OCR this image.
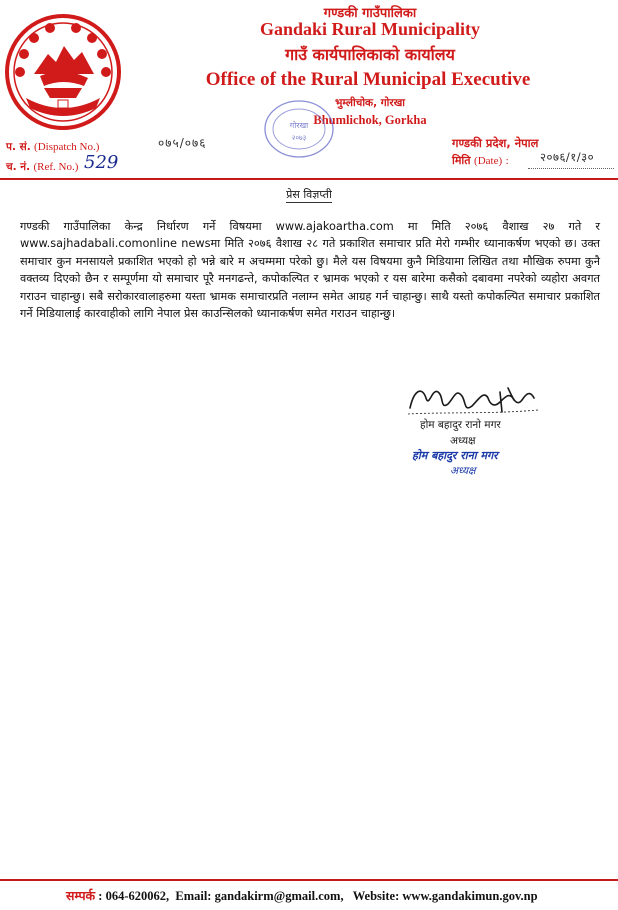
गण्डकी गाउँपालिका
Gandaki Rural Municipality
गाउँ कार्यपालिकाको कार्यालय
Office of the Rural Municipal Executive
भुम्लीचोक, गोरखा
Bhumlichok, Gorkha
गोरखा
२०७३
प. सं. (Dispatch No.)	०७५/०७६
च. नं. (Ref. No.) 529
गण्डकी प्रदेश, नेपाल
मिति (Date) :	२०७६/१/३०
प्रेस विज्ञप्ती
गण्डकी गाउँपालिका केन्द्र निर्धारण गर्ने विषयमा www.ajakoartha.com मा मिति २०७६ वैशाख २७ गते र www.sajhadabali.comonline newsमा मिति २०७६ वैशाख २८ गते प्रकाशित समाचार प्रति मेरो गम्भीर ध्यानाकर्षण भएको छ। उक्त समाचार कुन मनसायले प्रकाशित भएको हो भन्ने बारे म अचम्ममा परेको छु। मैले यस विषयमा कुनै मिडियामा लिखित तथा मौखिक रुपमा कुनै वक्तव्य दिएको छैन र सम्पूर्णमा यो समाचार पूरै मनगढन्ते, कपोकल्पित र भ्रामक भएको र यस बारेमा कसैको दबावमा नपरेको व्यहोरा अवगत गराउन चाहान्छु। सबै सरोकारवालाहरुमा यस्ता भ्रामक समाचारप्रति नलाग्न समेत आग्रह गर्न चाहान्छु। साथै यस्तो कपोकल्पित समाचार प्रकाशित गर्ने मिडियालाई कारवाहीको लागि नेपाल प्रेस काउन्सिलको ध्यानाकर्षण समेत गराउन चाहान्छु।
होम बहादुर रानो मगर
अध्यक्ष
होम बहादुर राना मगर
अध्यक्ष
सम्पर्क : 064-620062, Email: gandakirm@gmail.com, Website: www.gandakimun.gov.np
